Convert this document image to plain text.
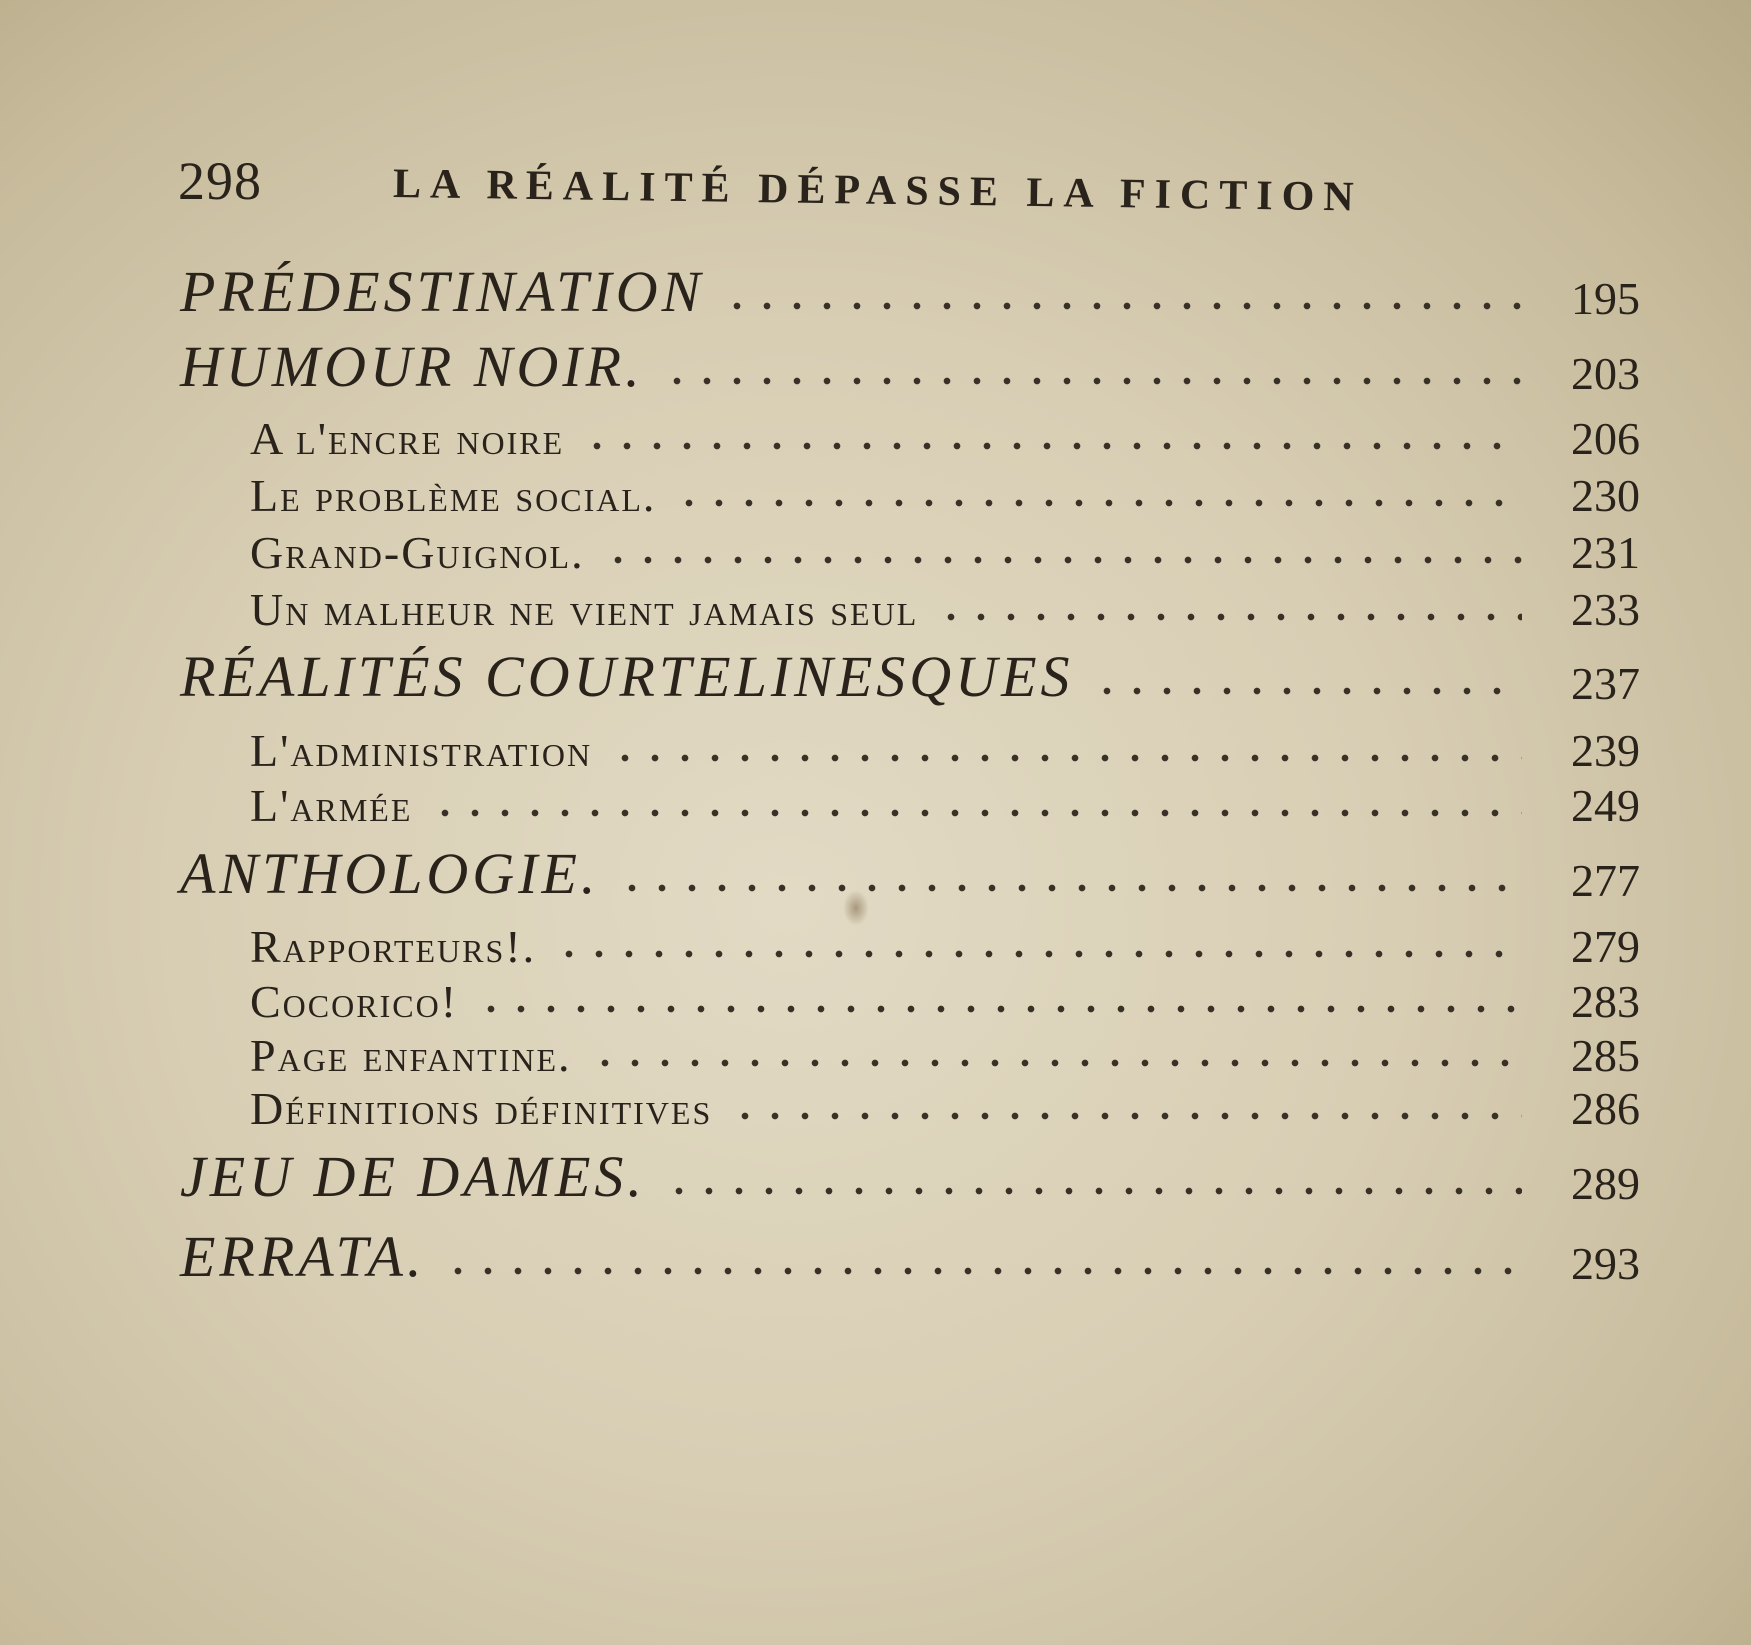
298	LA RÉALITÉ DÉPASSE LA FICTION
PRÉDESTINATION	195
HUMOUR NOIR.	203
A l'encre noire	206
Le problème social.	230
Grand-Guignol.	231
Un malheur ne vient jamais seul	233
RÉALITÉS COURTELINESQUES	237
L'administration	239
L'armée	249
ANTHOLOGIE.	277
Rapporteurs!.	279
Cocorico!	283
Page enfantine.	285
Définitions définitives	286
JEU DE DAMES.	289
ERRATA.	293
